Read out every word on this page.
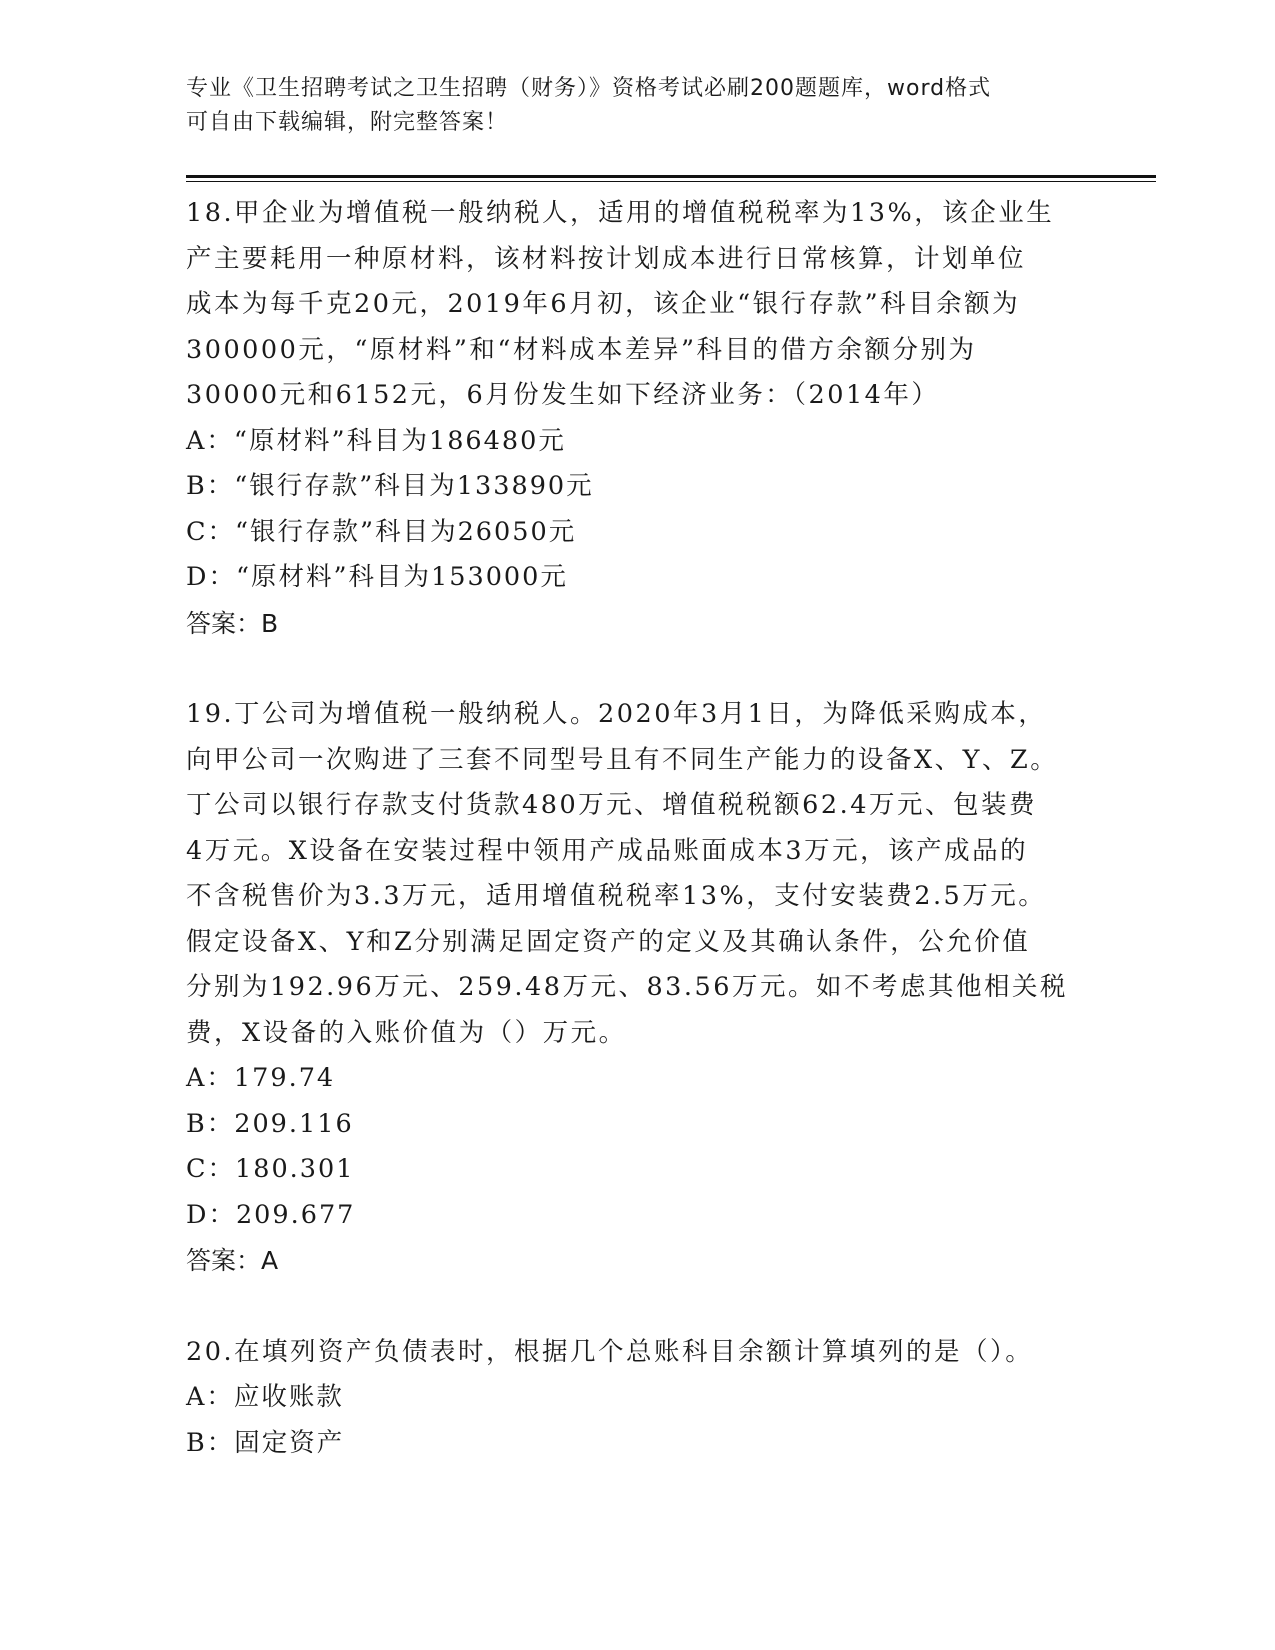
专业《卫生招聘考试之卫生招聘（财务）》资格考试必刷200题题库，word格式
可自由下载编辑，附完整答案！
18.甲企业为增值税一般纳税人，适用的增值税税率为13%，该企业生
产主要耗用一种原材料，该材料按计划成本进行日常核算，计划单位
成本为每千克20元，2019年6月初，该企业“银行存款”科目余额为
300000元，“原材料”和“材料成本差异”科目的借方余额分别为
30000元和6152元，6月份发生如下经济业务：（2014年）
A：“原材料”科目为186480元
B：“银行存款”科目为133890元
C：“银行存款”科目为26050元
D：“原材料”科目为153000元
答案：B
19.丁公司为增值税一般纳税人。2020年3月1日，为降低采购成本，
向甲公司一次购进了三套不同型号且有不同生产能力的设备X、Y、Z。
丁公司以银行存款支付货款480万元、增值税税额62.4万元、包装费
4万元。X设备在安装过程中领用产成品账面成本3万元，该产成品的
不含税售价为3.3万元，适用增值税税率13%，支付安装费2.5万元。
假定设备X、Y和Z分别满足固定资产的定义及其确认条件，公允价值
分别为192.96万元、259.48万元、83.56万元。如不考虑其他相关税
费，X设备的入账价值为（）万元。
A：179.74
B：209.116
C：180.301
D：209.677
答案：A
20.在填列资产负债表时，根据几个总账科目余额计算填列的是（）。
A：应收账款
B：固定资产
